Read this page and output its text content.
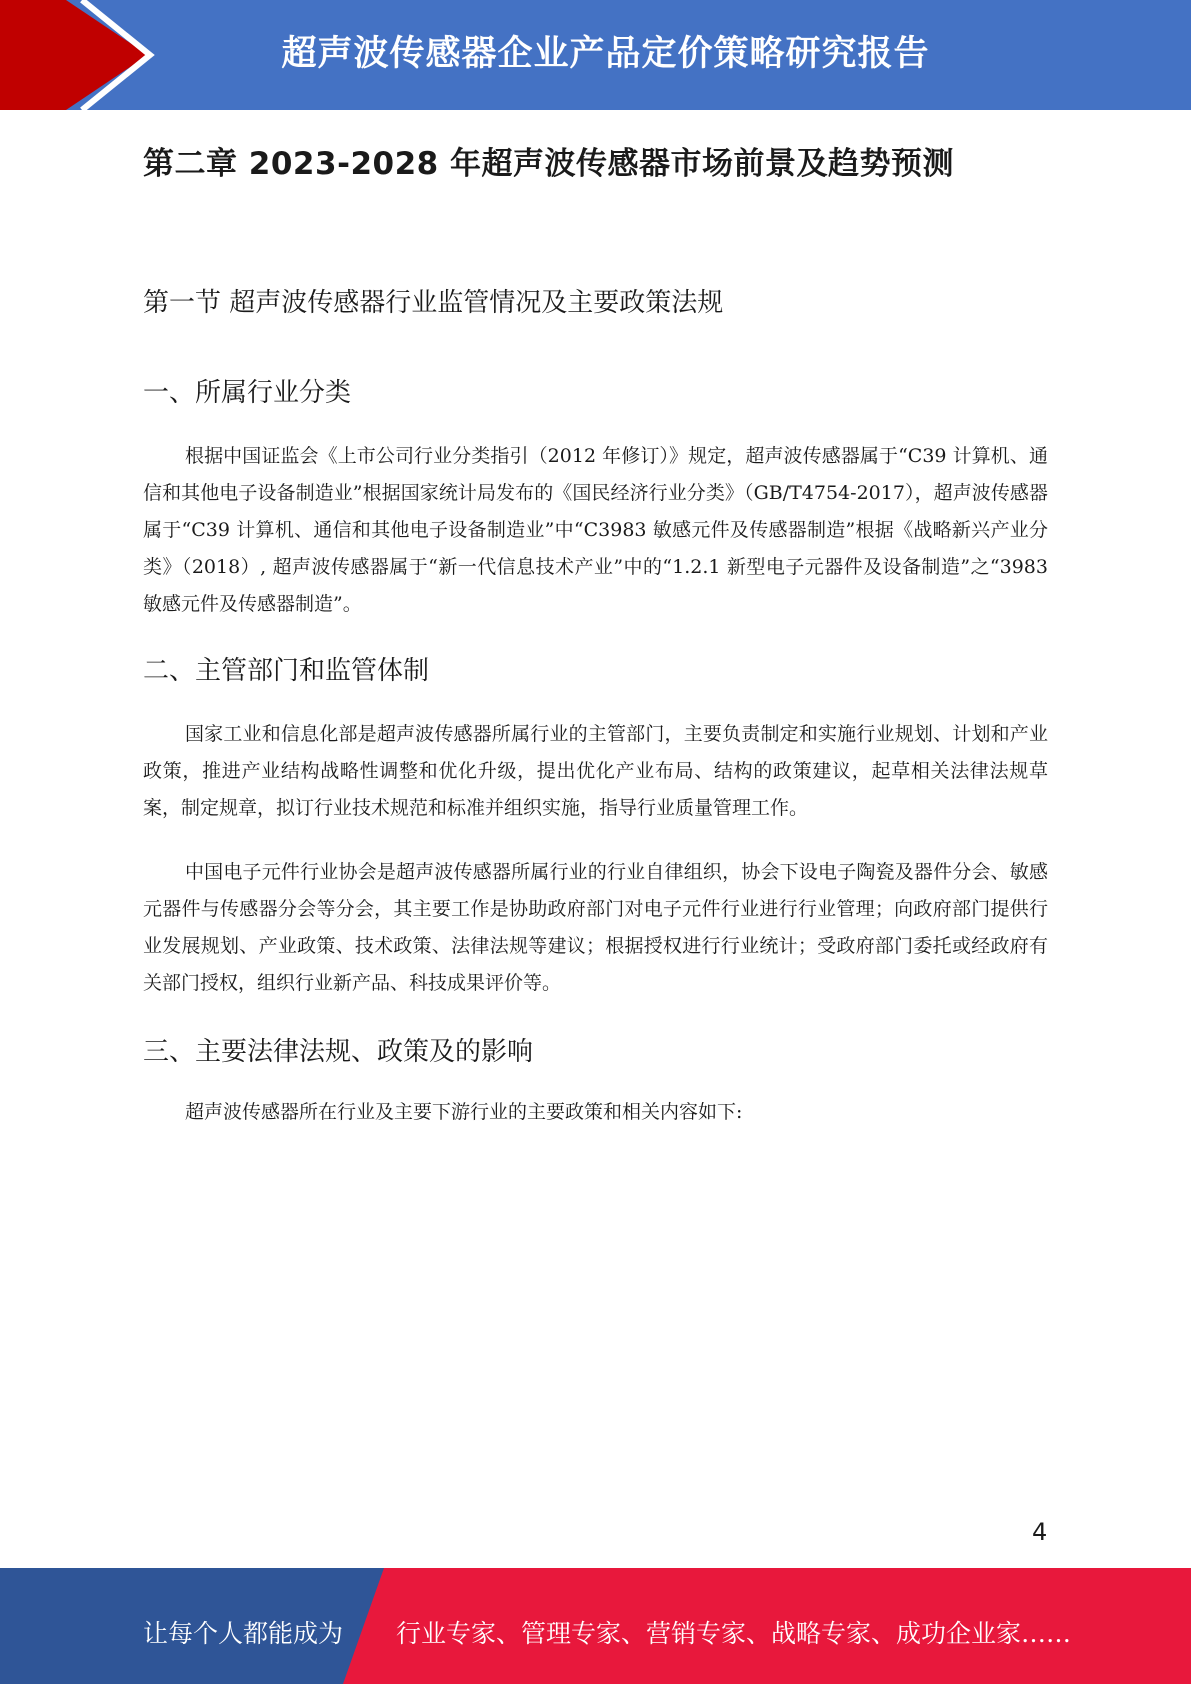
超声波传感器企业产品定价策略研究报告
第二章 2023-2028 年超声波传感器市场前景及趋势预测
第一节 超声波传感器行业监管情况及主要政策法规
一、所属行业分类

根据中国证监会《上市公司行业分类指引（2012 年修订）》规定，超声波传感器属于“C39 计算机、通信和其他电子设备制造业”根据国家统计局发布的《国民经济行业分类》（GB/T4754-2017），超声波传感器属于“C39 计算机、通信和其他电子设备制造业”中“C3983 敏感元件及传感器制造”根据《战略新兴产业分类》（2018）, 超声波传感器属于“新一代信息技术产业”中的“1.2.1 新型电子元器件及设备制造”之“3983 敏感元件及传感器制造”。

二、主管部门和监管体制

国家工业和信息化部是超声波传感器所属行业的主管部门，主要负责制定和实施行业规划、计划和产业政策，推进产业结构战略性调整和优化升级，提出优化产业布局、结构的政策建议，起草相关法律法规草案，制定规章，拟订行业技术规范和标准并组织实施，指导行业质量管理工作。

中国电子元件行业协会是超声波传感器所属行业的行业自律组织，协会下设电子陶瓷及器件分会、敏感元器件与传感器分会等分会，其主要工作是协助政府部门对电子元件行业进行行业管理；向政府部门提供行业发展规划、产业政策、技术政策、法律法规等建议；根据授权进行行业统计；受政府部门委托或经政府有关部门授权，组织行业新产品、科技成果评价等。

三、主要法律法规、政策及的影响

超声波传感器所在行业及主要下游行业的主要政策和相关内容如下:

4
让每个人都能成为 行业专家、管理专家、营销专家、战略专家、成功企业家……
